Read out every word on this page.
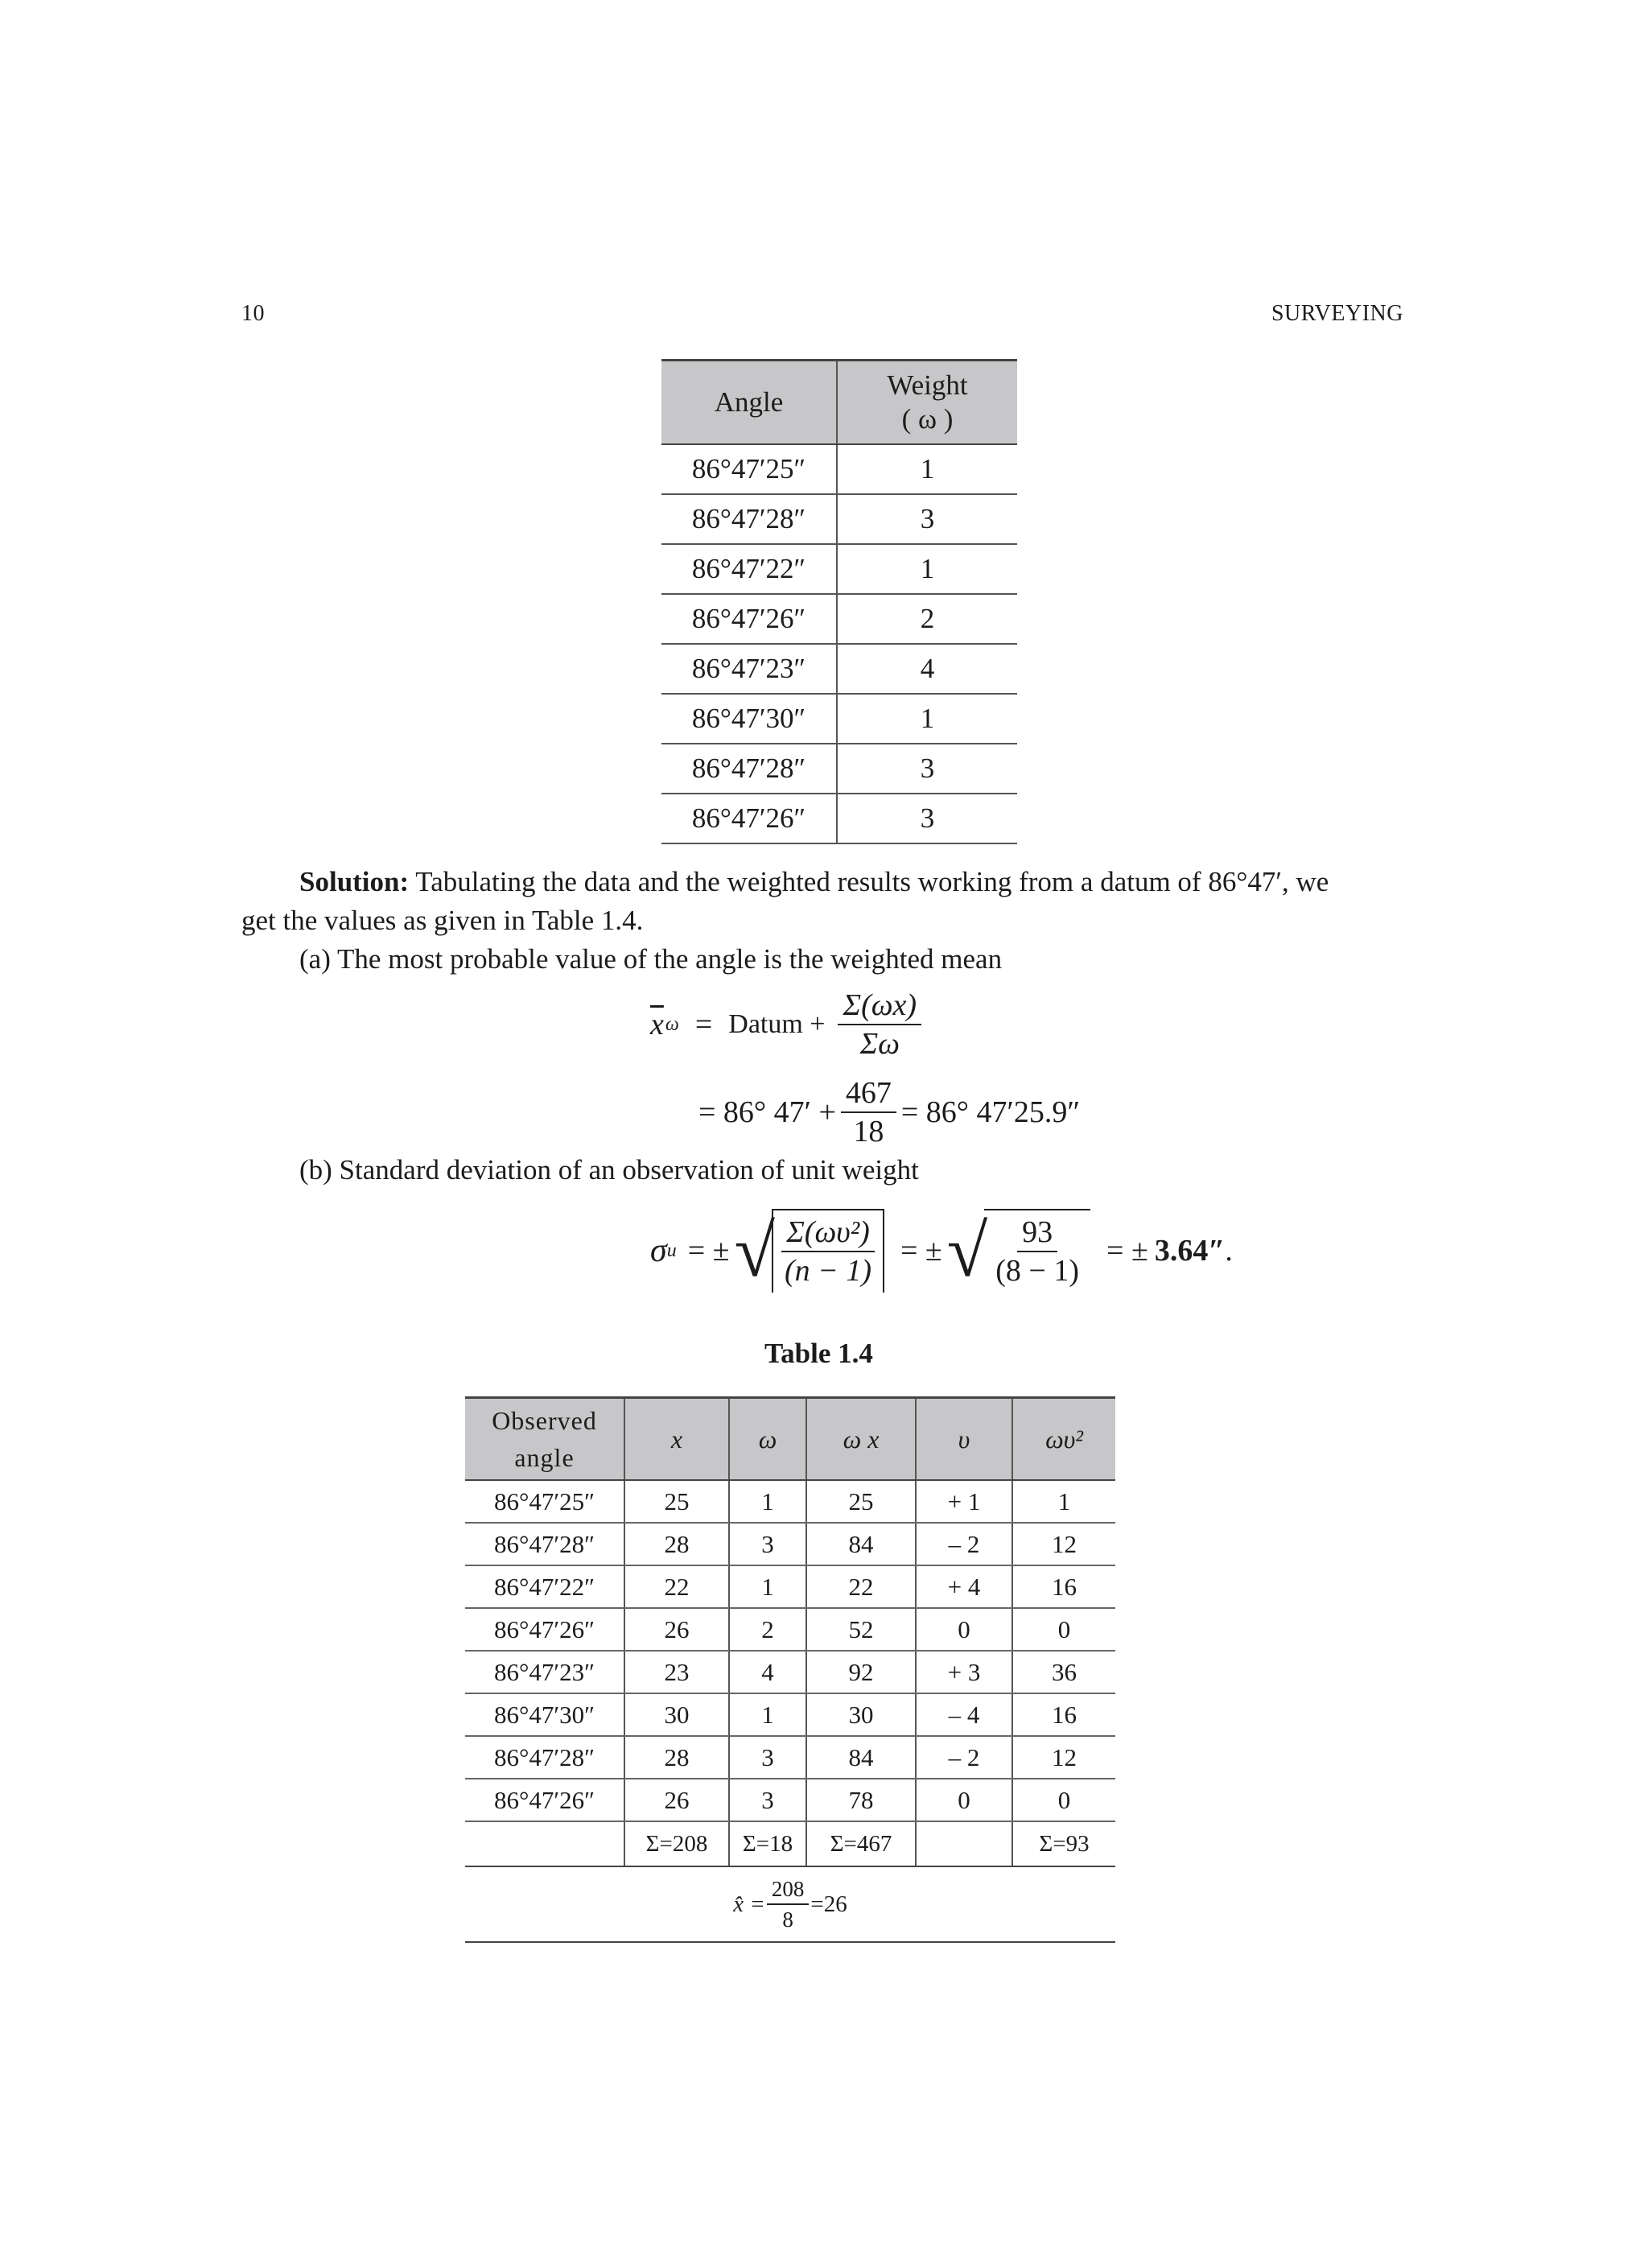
10	SURVEYING
Angle	Weight
( ω )

86°47′25″	1
86°47′28″	3
86°47′22″	1
86°47′26″	2
86°47′23″	4
86°47′30″	1
86°47′28″	3
86°47′26″	3
Solution: Tabulating the data and the weighted results working from a datum of 86°47′, we
get the values as given in Table 1.4.
(a) The most probable value of the angle is the weighted mean
$\overline{x}$ ω = Datum + $\frac{\Sigma(\omega x)}{\Sigma\omega}$
= 86° $47' + \frac{467}{18} = 86^\circ$ 47′25.9″
(b) Standard deviation of an observation of unit weight
σ u = ± √
$\frac{\text{Σ(ωυ²)}}{(n - 1)}$ = ± √
$\frac{93}{(8 - 1)}$ = ± 3.64″ .
Table 1.4
Observed angle	x	ω	ω x	υ	ωυ²
86°47′25″	25	1	25	+ 1	1
86°47′28″	28	3	84	– 2	12
86°47′22″	22	1	22	+ 4	16
86°47′26″	26	2	52	0	0
86°47′23″	23	4	92	+ 3	36
86°47′30″	30	1	30	– 4	16
86°47′28″	28	3	84	– 2	12
86°47′26″	26	3	78	0	0
	Σ=208	Σ=18	Σ=467		Σ=93

x̂ = $\frac{208}{8} =26$					
